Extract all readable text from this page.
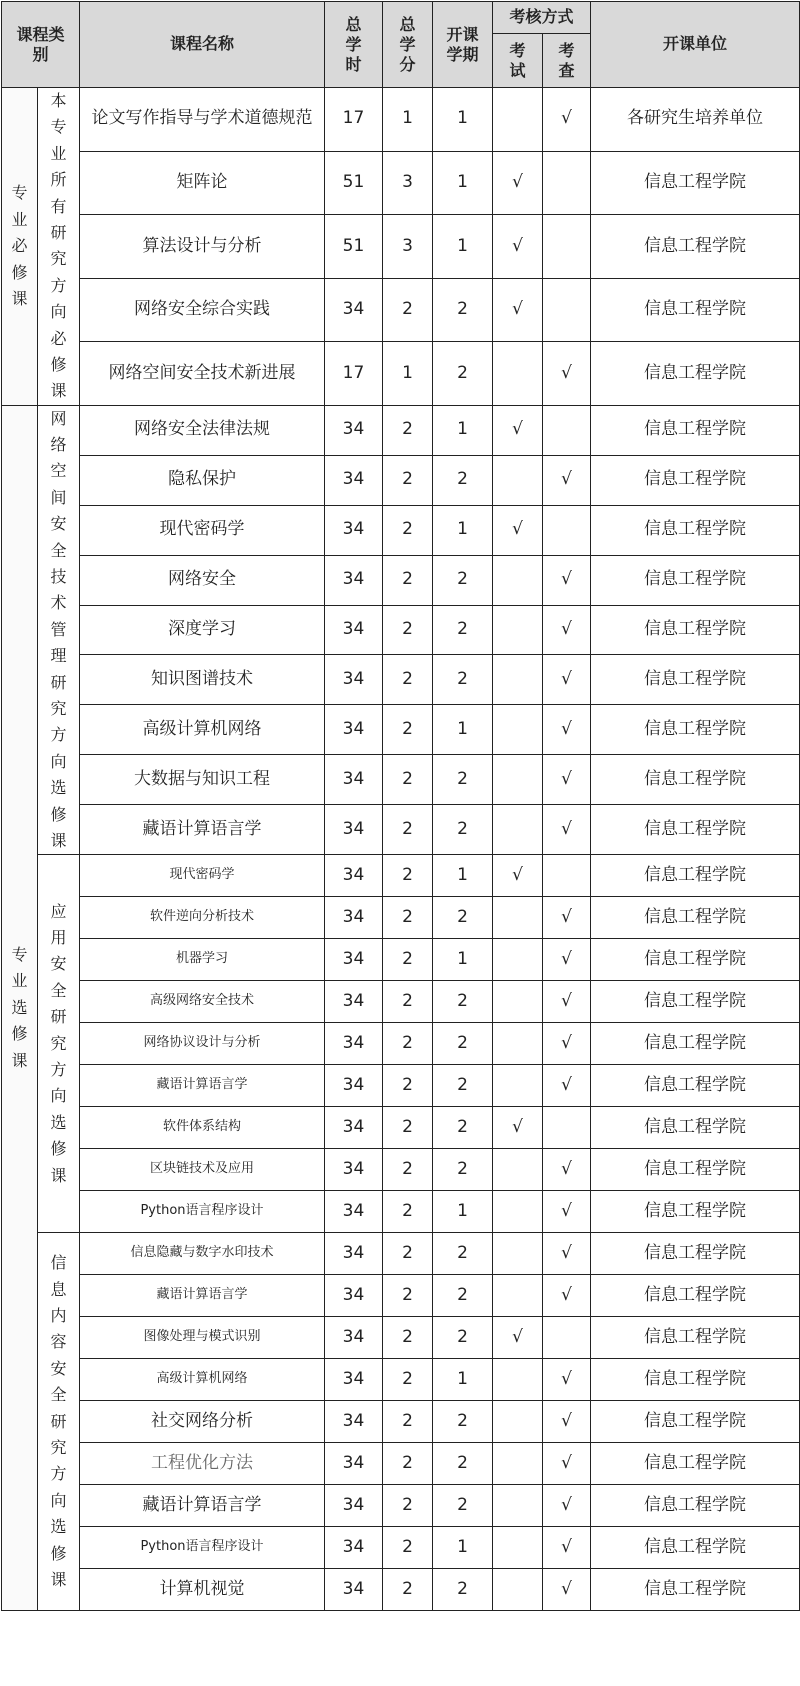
课程类别		课程名称	总学时	总学分	开课学期	考核方式		开课单位

						考试	考查	

专业必修课	本专业所有研究方向必修课	论文写作指导与学术道德规范	17	1	1		√	各研究生培养单位
		矩阵论	51	3	1	√		信息工程学院
		算法设计与分析	51	3	1	√		信息工程学院
		网络安全综合实践	34	2	2	√		信息工程学院
		网络空间安全技术新进展	17	1	2		√	信息工程学院

专业选修课	网络空间安全技术管理研究方向选修课	网络安全法律法规	34	2	1	√		信息工程学院
		隐私保护	34	2	2		√	信息工程学院
		现代密码学	34	2	1	√		信息工程学院
		网络安全	34	2	2		√	信息工程学院
		深度学习	34	2	2		√	信息工程学院
		知识图谱技术	34	2	2		√	信息工程学院
		高级计算机网络	34	2	1		√	信息工程学院
		大数据与知识工程	34	2	2		√	信息工程学院
		藏语计算语言学	34	2	2		√	信息工程学院

	应用安全研究方向选修课	现代密码学	34	2	1	√		信息工程学院
		软件逆向分析技术	34	2	2		√	信息工程学院
		机器学习	34	2	1		√	信息工程学院
		高级网络安全技术	34	2	2		√	信息工程学院
		网络协议设计与分析	34	2	2		√	信息工程学院
		藏语计算语言学	34	2	2		√	信息工程学院
		软件体系结构	34	2	2	√		信息工程学院
		区块链技术及应用	34	2	2		√	信息工程学院
		Python语言程序设计	34	2	1		√	信息工程学院

	信息内容安全研究方向选修课	信息隐藏与数字水印技术	34	2	2		√	信息工程学院
		藏语计算语言学	34	2	2		√	信息工程学院
		图像处理与模式识别	34	2	2	√		信息工程学院
		高级计算机网络	34	2	1		√	信息工程学院
		社交网络分析	34	2	2		√	信息工程学院
		工程优化方法	34	2	2		√	信息工程学院
		藏语计算语言学	34	2	2		√	信息工程学院
		Python语言程序设计	34	2	1		√	信息工程学院
		计算机视觉	34	2	2		√	信息工程学院
